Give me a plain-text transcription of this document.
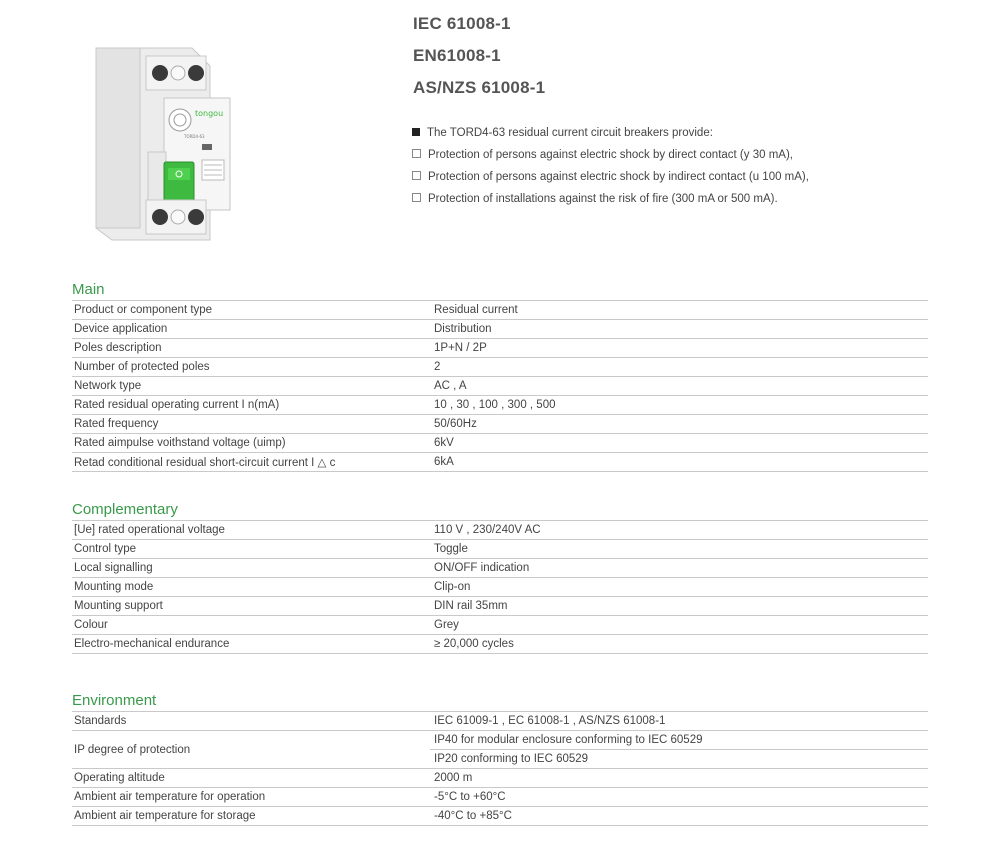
tongou
TORD4-63
IEC 61008-1
EN61008-1
AS/NZS 61008-1
The TORD4-63 residual current circuit breakers provide:
Protection of persons against electric shock by direct contact (y 30 mA),
Protection of persons against electric shock by indirect contact (u 100 mA),
Protection of installations against the risk of fire (300 mA or 500 mA).
Main
Product or component type	Residual current
Device application	Distribution
Poles description	1P+N / 2P
Number of protected poles	2
Network type	AC , A
Rated residual operating current I n(mA)	10 , 30 , 100 , 300 , 500
Rated frequency	50/60Hz
Rated aimpulse voithstand voltage (uimp)	6kV
Retad conditional residual short-circuit current I △ c	6kA
Complementary
[Ue] rated operational voltage	110 V , 230/240V AC
Control type	Toggle
Local signalling	ON/OFF indication
Mounting mode	Clip-on
Mounting support	DIN rail 35mm
Colour	Grey
Electro-mechanical endurance	≥ 20,000 cycles
Environment
Standards	IEC 61009-1 , EC 61008-1 , AS/NZS 61008-1
IP degree of protection	IP40 for modular enclosure conforming to IEC 60529
	IP20 conforming to IEC 60529
Operating altitude	2000 m
Ambient air temperature for operation	-5°C to +60°C
Ambient air temperature for storage	-40°C to +85°C
